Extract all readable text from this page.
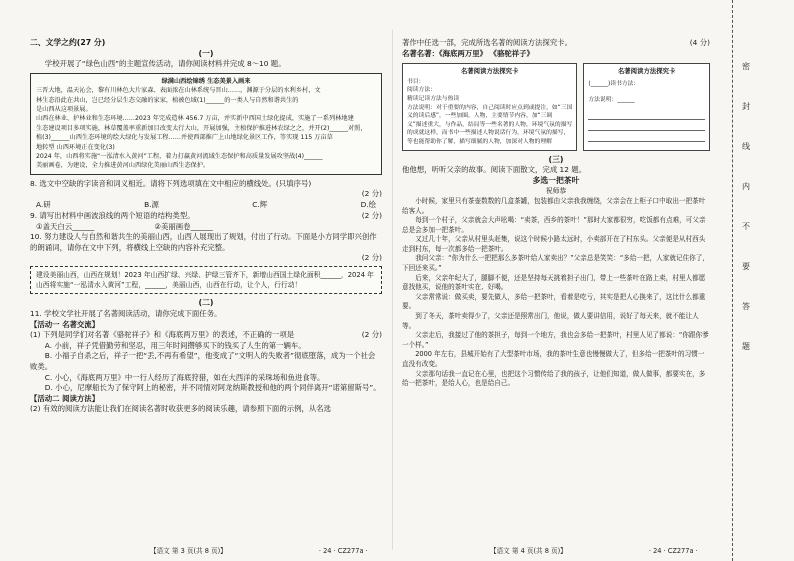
二、文学之约(27 分)

(一)

学校开展了“绿色山西”的主题宣传活动，请你阅读材料并完成 8～10 题。

绿满山西绘锦绣 生态美景入画来

三晋大地，温天沁会，黎有川林色大片家森、表面浓在山林系统与晋山……，渊源于分层的水利乡村，文

林生态沿此在共山，岂已经分层生态交融的家家，植被色域(1)______的一类人与自然和谐共生的

是山西从这项景展。

山西在林业、护林业和生态环境……2023 年完成造林 456.7 万亩，并实新中西国土绿化提成，实施了一系列林地建

生态建设项目多项实施，林草覆盖率重新加目改变太行大山，开展加强，主植保护推进林农绿之之，并开(2)______对照，

植(3)______山西生态环境的绘大绿化与发展工程……并使西部推广上山地绿化景区工作，等实现 115 万亩草

地转型 山西环境正在变化(3)

2024 年，山西将实施“一泓清水入黄河”工程，着力打赢黄河流域生态保护和高质量发展攻坚战(4)______

美丽画卷，为建设，全力推进黄河山西绿化美丽山西生态保护。

8. 选文中空缺的字读音和词义相近。请将下列选项填在文中相应的横线处。(只填序号)

(2 分)

A.研	B.源	C.辉	D.绘

9. 请写出材料中画波浪线的两个短语的结构类型。	(2 分)

①盖天白云______	②美丽画卷______

10. 努力建设人与自然和谐共生的美丽山西，山西人展现出了规划，付出了行动。下面是小方同学即兴创作的朗诵词，请你在文中下列，将横线上空缺的内容补充完整。

(2 分)

建设美丽山西，山西在规划！2023 年山西扩绿、兴绿、护绿三管齐下，新增山西国土绿化面积______，2024 年山西将实施“一泓清水入黄河”工程，______，美丽山西，山西在行动，让个人，行行动！

(二)

11. 学校文学社开展了名著阅读活动，请你完成下面任务。

【活动一 名著交流】

(1) 下列是同学们对名著《骆驼祥子》和《海底两万里》的表述，不正确的一项是	(2 分)

A. 小前，祥子凭借勤劳和坚忍，用三年时间攒够买下的钱买了人生的第一辆车。

B. 小福子自杀之后，祥子一把“丢,不再有希望”，他变成了“文明人的失败者”彻底堕落，成为一个社会败类。

C. 小心，《海底两万里》中一行人经历了海底狩猎，如在大西洋的采珠场和鱼进食等。

D. 小心，尼摩船长为了保守阿上的秘密，并不同情对阿龙纳斯教授和他的两个同伴离开“诺第留斯号”。

【活动二 阅读方法】

(2) 有效的阅读方法能让我们在阅读名著时收获更多的阅读乐趣，请参照下面的示例，从名选

【语文 第 3 页(共 8 页)】	· 24 · CZ277a ·

著作中任选一部，完成所选名著的阅读方法探究卡。	(4 分)

名著名著：《海底两万里》 《骆驼祥子》

名著阅读方法探究卡
书目：
阅读方法：
精读记读方法与热读
方法说明：对于重要的内容，自己阅读时应点到或提注，如“三国
义的读后感”，一些加圈，人物，主要情节内容，加“三调
义”描述重大，与作品，结局等一些名著的人物，环境气氛的描写
的成就这样，而书中一些描述人物说话行为，环境气氛的描写，
等也能帮助你了解，描写细腻的人物，加深对人物的理解
名著阅读方法探究卡
(______)读书方法：
方法说明：______

(三)

他他想，听听父亲的故事。阅读下面散文，完成 12 题。

多选一把茶叶

祝师恭

小时候，家里只有茶壶数数的几盒茶罐，包装都由父亲我我缠绕，父亲会在上柜子口中取出一把茶叶给客人。

每到一个村子，父亲就会大声吆喝：“卖茶，西乡的茶叶！”那时大家都很穷，吃饭都有点难，可父亲总是会多加一把茶叶。

又过几十年，父亲从村里头赶集，说这个时候小路太远时，小卖部开在了村东头。父亲便是从村西头走到村东，每一次都多给一把茶叶。

我问父亲：“你为什么一把把那么多茶叶给人家卖出？”父亲总是笑笑：“多给一把，人家就记住你了，下回还来买。”

后来，父亲年纪大了，腿脚不便，还是坚持每天挑着担子出门，带上一些茶叶在路上卖，村里人都愿意找他买，说他的茶叶实在、好喝。

父亲常常说：做买卖，要先做人，多给一把茶叶，看着是吃亏，其实是把人心换来了，这比什么都重要。

到了冬天，茶叶卖得少了，父亲还是照常出门，他说，做人要讲信用，说好了每天来，就不能让人等。

父亲走后，我接过了他的茶担子，每到一个地方，我也会多给一把茶叶，村里人见了都说：“你跟你爹一个样。”

2000 年左右，县城开始有了大型茶叶市场，我的茶叶生意也慢慢做大了，但多给一把茶叶的习惯一直没有改变。

父亲那句话我一直记在心里，也把这个习惯传给了我的孩子，让他们知道，做人做事，都要实在，多给一把茶叶，是给人心，也是给自己。

【语文 第 4 页(共 8 页)】	· 24 · CZ277a ·
密
封
线
内
不
要
答
题
